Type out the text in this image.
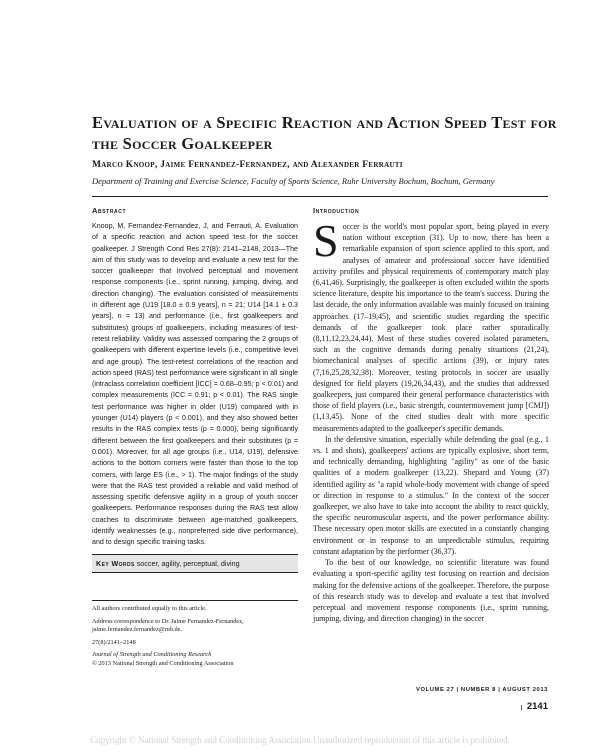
Evaluation of a Specific Reaction and Action Speed Test for the Soccer Goalkeeper
Marco Knoop, Jaime Fernandez-Fernandez, and Alexander Ferrauti
Department of Training and Exercise Science, Faculty of Sports Science, Ruhr University Bochum, Bochum, Germany
Abstract

Knoop, M, Fernandez-Fernandez, J, and Ferrauti, A. Evaluation of a specific reaction and action speed test for the soccer goalkeeper. J Strength Cond Res 27(8): 2141–2148, 2013—The aim of this study was to develop and evaluate a new test for the soccer goalkeeper that involved perceptual and movement response components (i.e., sprint running, jumping, diving, and direction changing). The evaluation consisted of measurements in different age (U19 [18.0 ± 0.9 years], n = 21; U14 [14.1 ± 0.3 years], n = 13) and performance (i.e., first goalkeepers and substitutes) groups of goalkeepers, including measures of test-retest reliability. Validity was assessed comparing the 2 groups of goalkeepers with different expertise levels (i.e., competitive level and age group). The test-retest correlations of the reaction and action speed (RAS) test performance were significant in all single (intraclass correlation coefficient [ICC] = 0.68–0.95; p < 0.01) and complex measurements (ICC = 0.91; p < 0.01). The RAS single test performance was higher in older (U19) compared with in younger (U14) players (p < 0.001), and they also showed better results in the RAS complex tests (p = 0.000), being significantly different between the first goalkeepers and their substitutes (p = 0.001). Moreover, for all age groups (i.e., U14, U19), defensive actions to the bottom corners were faster than those to the top corners, with large ES (i.e., > 1). The major findings of the study were that the RAS test provided a reliable and valid method of assessing specific defensive agility in a group of youth soccer goalkeepers. Performance responses during the RAS test allow coaches to discriminate between age-matched goalkeepers, identify weaknesses (e.g., nonpreferred side dive performance), and to design specific training tasks.

Key Words soccer, agility, perceptual, diving
Introduction

Soccer is the world's most popular sport, being played in every nation without exception (31). Up to now, there has been a remarkable expansion of sport science applied to this sport, and analyses of amateur and professional soccer have identified activity profiles and physical requirements of contemporary match play (6,41,46). Surprisingly, the goalkeeper is often excluded within the sports science literature, despite his importance to the team's success. During the last decade, the only information available was mainly focused on training approaches (17–19,45), and scientific studies regarding the specific demands of the goalkeeper took place rather sporadically (8,11,12,23,24,44). Most of these studies covered isolated parameters, such as the cognitive demands during penalty situations (21,24), biomechanical analyses of specific actions (39), or injury rates (7,16,25,28,32,38). Moreover, testing protocols in soccer are usually designed for field players (19,26,34,43), and the studies that addressed goalkeepers, just compared their general performance characteristics with those of field players (i.e., basic strength, countermovement jump [CMJ]) (1,13,45). None of the cited studies dealt with more specific measurements adapted to the goalkeeper's specific demands.

In the defensive situation, especially while defending the goal (e.g., 1 vs. 1 and shots), goalkeepers' actions are typically explosive, short term, and technically demanding, highlighting "agility" as one of the basic qualities of a modern goalkeeper (13,22). Shepard and Young (37) identified agility as "a rapid whole-body movement with change of speed or direction in response to a stimulus." In the context of the soccer goalkeeper, we also have to take into account the ability to react quickly, the specific neuromuscular aspects, and the power performance ability. These necessary open motor skills are executed in a constantly changing environment or in response to an unpredictable stimulus, requiring constant adaptation by the performer (36,37).

To the best of our knowledge, no scientific literature was found evaluating a sport-specific agility test focusing on reaction and decision making for the defensive actions of the goalkeeper. Therefore, the purpose of this research study was to develop and evaluate a test that involved perceptual and movement response components (i.e., sprint running, jumping, diving, and direction changing) in the soccer

All authors contributed equally to this article.

Address correspondence to Dr. Jaime Fernandez-Fernandez, jaime.fernandez.fernandez@rub.de.

27(8)/2141–2148

Journal of Strength and Conditioning Research
© 2013 National Strength and Conditioning Association

VOLUME 27 | NUMBER 8 | AUGUST 2013 | 2141
Copyright © National Strength and Conditioning Association Unauthorized reproduction of this article is prohibited.
